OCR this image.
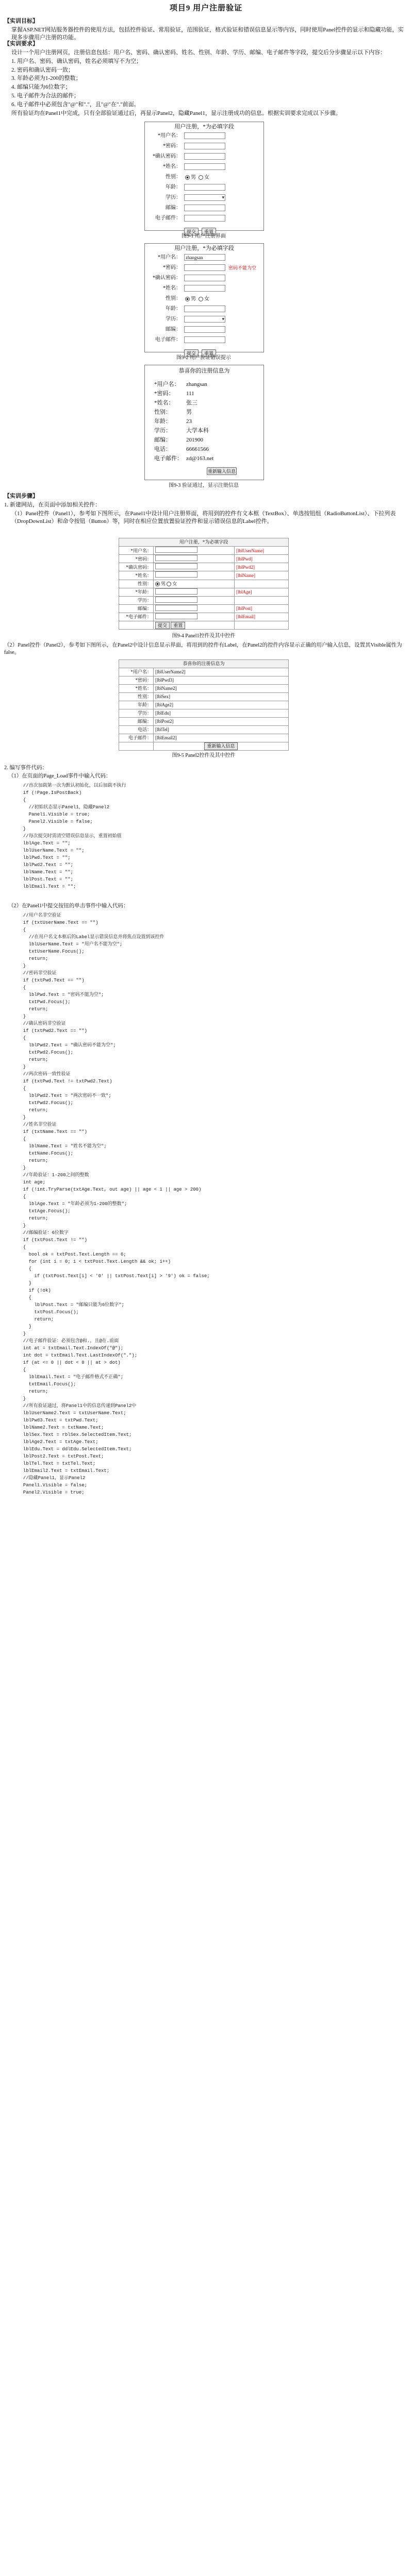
项目9 用户注册验证
【实训目标】

掌握ASP.NET网站服务器控件的使用方法，包括控件验证、常用验证，范围验证，格式验证和错误信息显示等内容，同时使用Panel控件的显示和隐藏功能，实现多步骤用户注册的功能。

【实训要求】

设计一个用户注册网页，注册信息包括：用户名、密码、确认密码、姓名、性别、年龄、学历、邮编、电子邮件等字段，提交后分步骤显示以下内容：

1. 用户名、密码、确认密码，姓名必须填写不为空；

2. 密码和确认密码一致；

3. 年龄必须为1-200的整数；

4. 邮编只能为6位数字；

5. 电子邮件为合法的邮件；

6. 电子邮件中必须包含"@"和"."，且"@"在"."前面。

所有验证均在Panel1中完成，只有全部验证通过后，再显示Panel2，隐藏Panel1，显示注册成功的信息。根据实训要求完成以下步骤。

用户注册，*为必填字段
*用户名：
*密码：
*确认密码：
*姓名：
性别：	男 女
年龄：
学历：
▾
邮编：
电子邮件：
提交	重置
图9-1 用户注册界面
用户注册，*为必填字段
*用户名：	zhangsan
*密码：	密码不能为空
*确认密码：
*姓名：
性别：	男 女
年龄：
学历：
▾
邮编：
电子邮件：
提交	重置
图9-2 用户验证错误提示
恭喜你的注册信息为
*用户名： zhangsan
*密码： 111
*姓名： 张三
性别：	男
年龄：	23
学历：	大学本科
邮编：	201900
电话：	66661566
电子邮件： zd@163.net
重新输入信息
图9-3 验证通过，显示注册信息
【实训步骤】

1. 新建网站，在页面中添加相关控件：

（1）Panel控件（Panel1），参考如下图所示，在Panel1中设计用户注册界面，将用到的控件有文本框（TextBox）、单选按钮组（RadioButtonList）、下拉列表（DropDownList）和命令按钮（Button）等，同时在相应位置放置验证控件和显示错误信息的Label控件。

用户注册，*为必填字段		
*用户名：		[lblUserName]
*密码：		[lblPwd]
*确认密码：		[lblPwd2]
*姓名：		[lblName]
性别：	男 女	
*年龄：		[lblAge]
学历：		
邮编：		[lblPost]
*电子邮件：		[lblEmail]
	提交 重置	
图9-4 Panel1控件及其中控件
（2）Panel控件（Panel2），参考如下图所示，在Panel2中设计信息显示界面，将用到的控件有Label，在Panel2的控件内容显示正确的用户输入信息，设置其Visible属性为false。
恭喜你的注册信息为	
*用户名：	[lblUserName2]
*密码：	[lblPwd3]
*姓名：	[lblName2]
性别：	[lblSex]
年龄：	[lblAge2]
学历：	[lblEdu]
邮编：	[lblPost2]
电话：	[lblTel]
电子邮件：	[lblEmail2]
	重新输入信息
图9-5 Panel2控件及其中控件
2. 编写事件代码：
（1）在页面的Page_Load事件中输入代码：
//首次加载第一次为默认初始化，以后加载不执行
if (!Page.IsPostBack)
{
//初始状态显示Panel1，隐藏Panel2
Panel1.Visible = true;
Panel2.Visible = false;
}
//每次提交时需清空错误信息显示，重置初始值
lblAge.Text = "";
lblUserName.Text = "";
lblPwd.Text = "";
lblPwd2.Text = "";
lblName.Text = "";
lblPost.Text = "";
lblEmail.Text = "";
（2）在Panel1中提交按钮的单击事件中输入代码：
//用户名非空验证
if (txtUserName.Text == "")
{
//在用户名文本框后的Label显示错误信息并将焦点设置到该控件
lblUserName.Text = "用户名不能为空";
txtUserName.Focus();
return;
}
//密码非空验证
if (txtPwd.Text == "")
{
lblPwd.Text = "密码不能为空";
txtPwd.Focus();
return;
}
//确认密码非空验证
if (txtPwd2.Text == "")
{
lblPwd2.Text = "确认密码不能为空";
txtPwd2.Focus();
return;
}
//两次密码一致性验证
if (txtPwd.Text != txtPwd2.Text)
{
lblPwd2.Text = "两次密码不一致";
txtPwd2.Focus();
return;
}
//姓名非空验证
if (txtName.Text == "")
{
lblName.Text = "姓名不能为空";
txtName.Focus();
return;
}
//年龄验证：1-200之间的整数
int age;
if (!int.TryParse(txtAge.Text, out age) || age < 1 || age > 200)
{
lblAge.Text = "年龄必须为1-200的整数";
txtAge.Focus();
return;
}
//邮编验证：6位数字
if (txtPost.Text != "")
{
bool ok = txtPost.Text.Length == 6;
for (int i = 0; i < txtPost.Text.Length && ok; i++)
{
if (txtPost.Text[i] < '0' || txtPost.Text[i] > '9') ok = false;
}
if (!ok)
{
lblPost.Text = "邮编只能为6位数字";
txtPost.Focus();
return;
}
}
//电子邮件验证：必须包含@和.，且@在.前面
int at = txtEmail.Text.IndexOf("@");
int dot = txtEmail.Text.LastIndexOf(".");
if (at <= 0 || dot < 0 || at > dot)
{
lblEmail.Text = "电子邮件格式不正确";
txtEmail.Focus();
return;
}
//所有验证通过，将Panel1中的信息传递到Panel2中
lblUserName2.Text = txtUserName.Text;
lblPwd3.Text = txtPwd.Text;
lblName2.Text = txtName.Text;
lblSex.Text = rblSex.SelectedItem.Text;
lblAge2.Text = txtAge.Text;
lblEdu.Text = ddlEdu.SelectedItem.Text;
lblPost2.Text = txtPost.Text;
lblTel.Text = txtTel.Text;
lblEmail2.Text = txtEmail.Text;
//隐藏Panel1，显示Panel2
Panel1.Visible = false;
Panel2.Visible = true;
